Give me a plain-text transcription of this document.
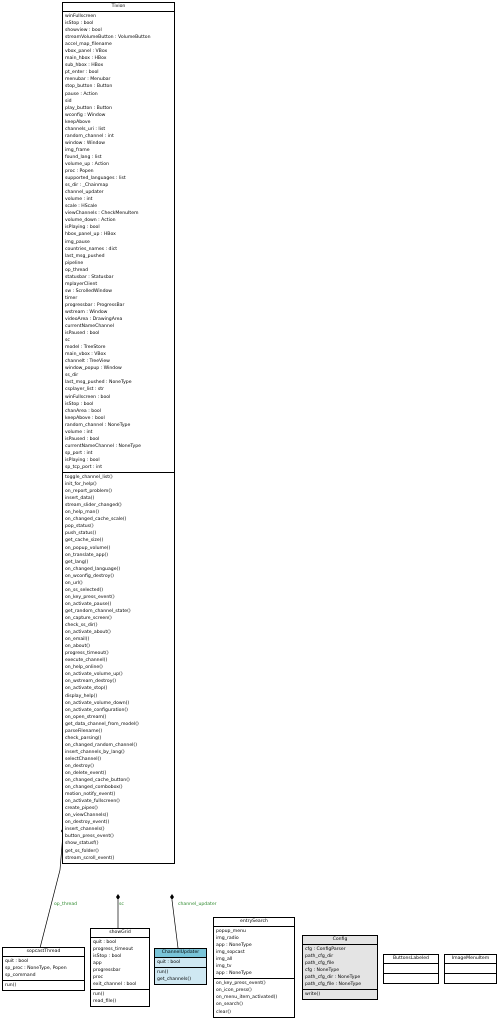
op_thread	sc	channel_updater
Tivion
winFullscreen
isStop : bool
showview : bool
streamVolumeButton : VolumeButton
accel_map_filename
vbox_panel : VBox
main_hbox : HBox
sub_hbox : HBox
pt_enter : bool
menubar : Menubar
stop_button : Button
pause : Action
sid
play_button : Button
wconfig : Window
keepAbove
channels_uri : list
random_channel : int
window : Window
img_frame
found_lang : list
volume_up : Action
proc : Popen
supported_languages : list
ss_dir : _Chainmap
channel_updater
volume : int
scale : HScale
viewChannels : CheckMenuItem
volume_down : Action
isPlaying : bool
hbox_panel_up : HBox
img_pause
countries_names : dict
last_msg_pushed
pipeline
op_thread
statusbar : Statusbar
mplayerClient
sw : ScrolledWindow
timer
progressbar : ProgressBar
wstream : Window
videoArea : DrawingArea
currentNameChannel
isPaused : bool
sc
model : TreeStore
main_vbox : VBox
channelt : TreeView
window_popup : Window
ss_dir
last_msg_pushed : NoneType
csplayer_list : str
winFullscreen : bool
isStop : bool
chanArea : bool
keepAbove : bool
random_channel : NoneType
volume : int
isPaused : bool
currentNameChannel : NoneType
sp_port : int
isPlaying : bool
sp_tcp_port : int
toggle_channel_list()
init_for_help()
on_report_problem()
insert_data()
stream_slider_changed()
on_help_man()
on_changed_cache_scale()
pop_status()
push_status()
get_cache_size()
on_popup_volume()
on_translate_app()
get_lang()
on_changed_language()
on_wconfig_destroy()
on_url()
on_ss_selected()
on_key_press_event()
on_activate_pause()
get_random_channel_state()
on_capture_screen()
check_ss_dir()
on_activate_about()
on_email()
on_about()
progress_timeout()
execute_channel()
on_help_online()
on_activate_volume_up()
on_wstream_destroy()
on_activate_stop()
display_help()
on_activate_volume_down()
on_activate_configuration()
on_open_stream()
get_data_channel_from_model()
parseFilename()
check_parsing()
on_changed_random_channel()
insert_channels_by_lang()
selectChannel()
on_destroy()
on_delete_event()
on_changed_cache_button()
on_changed_combobox()
motion_notify_event()
on_activate_fullscreen()
create_pipes()
on_viewChannels()
on_destroy_event()
insert_channels()
button_press_event()
show_statusf()
get_ss_folder()
stream_scroll_event()
sopcastThread
quit : bool
sp_proc : NoneType, Popen
sp_command
run()
showGrid
quit : bool
progress_timeout
isStop : bool
app
progressbar
proc
exit_channel : bool
run()
read_file()
ChannelUpdater
quit : bool
run()
get_channels()
entrySearch
popup_menu
img_radio
app : NoneType
img_sopcast
img_all
img_tv
app : NoneType
on_key_press_event()
on_icon_press()
on_menu_item_activated()
on_search()
clear()
Config
cfg : ConfigParser
path_cfg_dir
path_cfg_file
cfg : NoneType
path_cfg_dir : NoneType
path_cfg_file : NoneType
write()
ButtonsLabeled	ImageMenuItem
